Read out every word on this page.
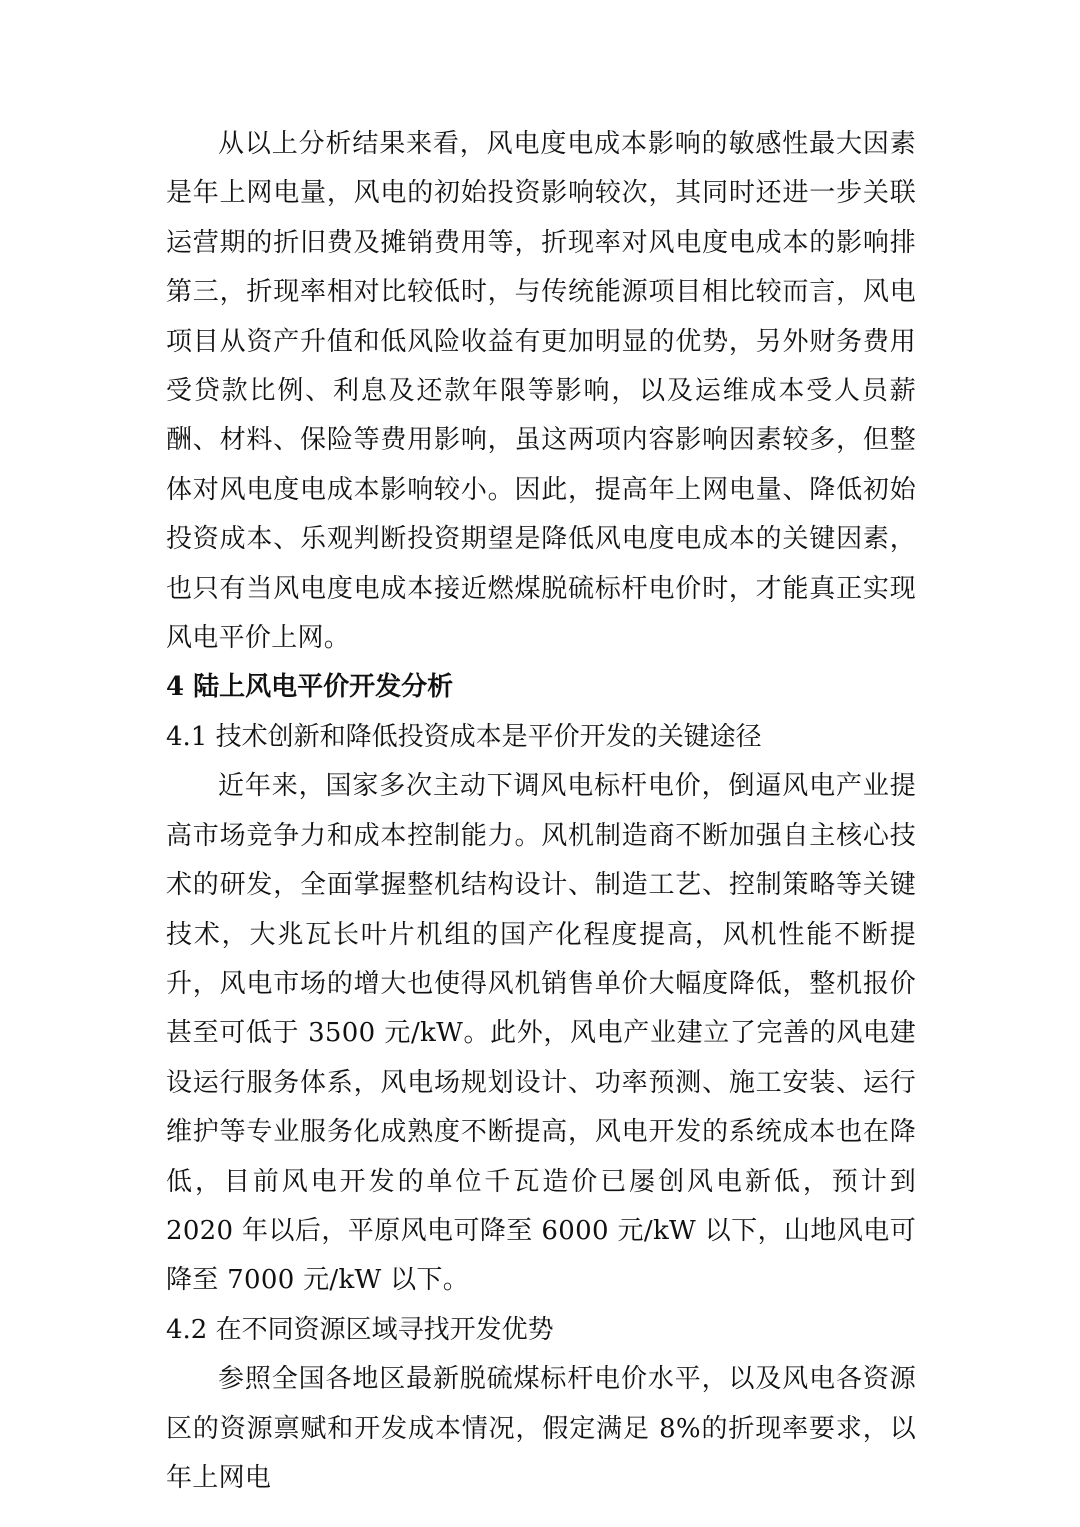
从以上分析结果来看，风电度电成本影响的敏感性最大因素是年上网电量，风电的初始投资影响较次，其同时还进一步关联运营期的折旧费及摊销费用等，折现率对风电度电成本的影响排第三，折现率相对比较低时，与传统能源项目相比较而言，风电项目从资产升值和低风险收益有更加明显的优势，另外财务费用受贷款比例、利息及还款年限等影响，以及运维成本受人员薪酬、材料、保险等费用影响，虽这两项内容影响因素较多，但整体对风电度电成本影响较小。因此，提高年上网电量、降低初始投资成本、乐观判断投资期望是降低风电度电成本的关键因素，也只有当风电度电成本接近燃煤脱硫标杆电价时，才能真正实现风电平价上网。

4 陆上风电平价开发分析

4.1 技术创新和降低投资成本是平价开发的关键途径

近年来，国家多次主动下调风电标杆电价，倒逼风电产业提高市场竞争力和成本控制能力。风机制造商不断加强自主核心技术的研发，全面掌握整机结构设计、制造工艺、控制策略等关键技术，大兆瓦长叶片机组的国产化程度提高，风机性能不断提升，风电市场的增大也使得风机销售单价大幅度降低，整机报价甚至可低于 3500 元/kW。此外，风电产业建立了完善的风电建设运行服务体系，风电场规划设计、功率预测、施工安装、运行维护等专业服务化成熟度不断提高，风电开发的系统成本也在降低，目前风电开发的单位千瓦造价已屡创风电新低，预计到 2020 年以后，平原风电可降至 6000 元/kW 以下，山地风电可降至 7000 元/kW 以下。

4.2 在不同资源区域寻找开发优势

参照全国各地区最新脱硫煤标杆电价水平，以及风电各资源区的资源禀赋和开发成本情况，假定满足 8%的折现率要求，以年上网电
